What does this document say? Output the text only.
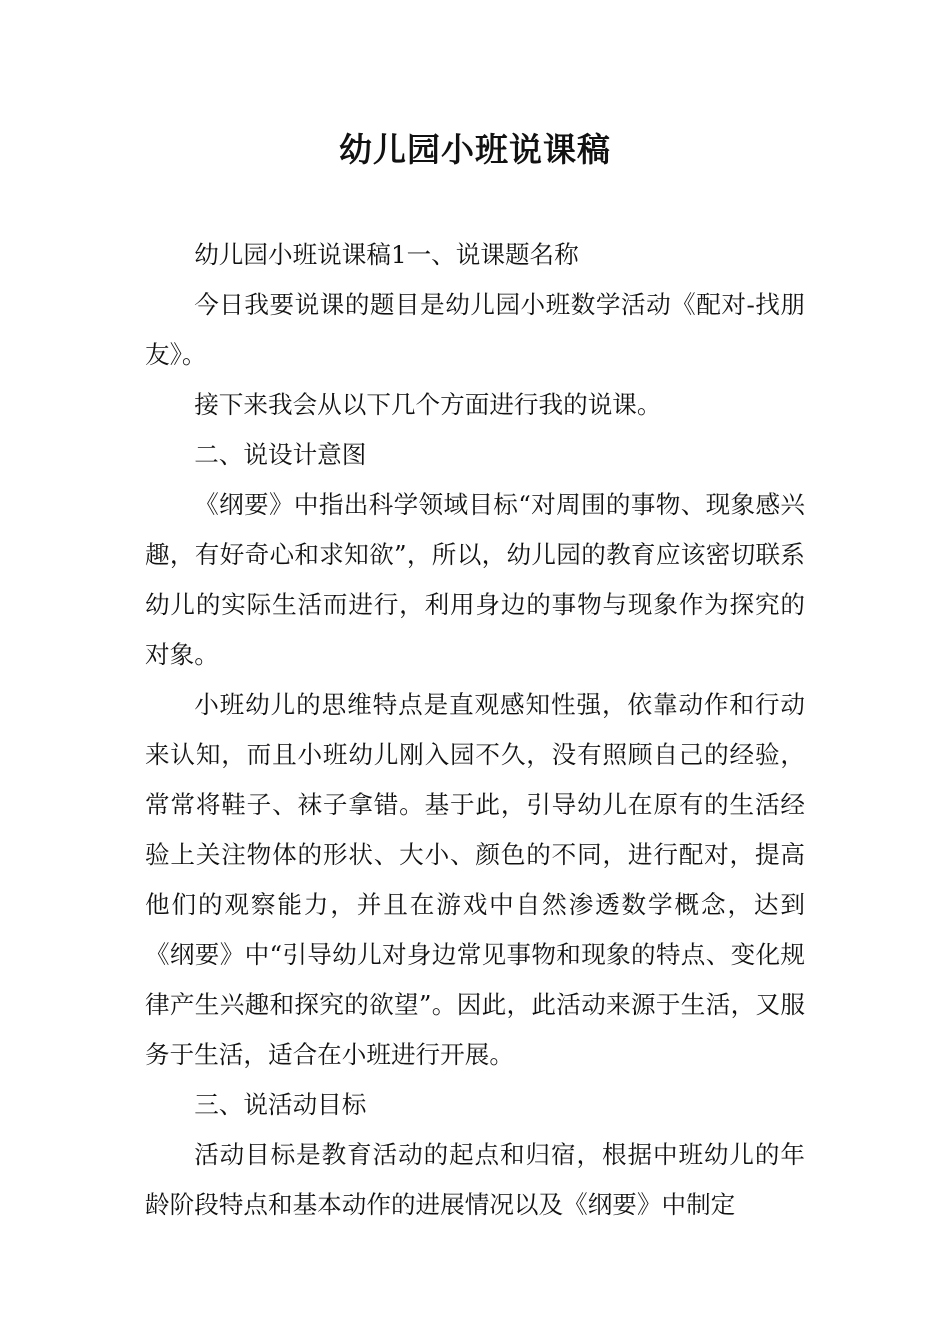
幼儿园小班说课稿

幼儿园小班说课稿1一、说课题名称

今日我要说课的题目是幼儿园小班数学活动《配对-找朋友》。

接下来我会从以下几个方面进行我的说课。

二、说设计意图

《纲要》中指出科学领域目标“对周围的事物、现象感兴趣，有好奇心和求知欲”，所以，幼儿园的教育应该密切联系幼儿的实际生活而进行，利用身边的事物与现象作为探究的对象。

小班幼儿的思维特点是直观感知性强，依靠动作和行动来认知，而且小班幼儿刚入园不久，没有照顾自己的经验，常常将鞋子、袜子拿错。基于此，引导幼儿在原有的生活经验上关注物体的形状、大小、颜色的不同，进行配对，提高他们的观察能力，并且在游戏中自然渗透数学概念，达到《纲要》中“引导幼儿对身边常见事物和现象的特点、变化规律产生兴趣和探究的欲望”。因此，此活动来源于生活，又服务于生活，适合在小班进行开展。

三、说活动目标

活动目标是教育活动的起点和归宿，根据中班幼儿的年龄阶段特点和基本动作的进展情况以及《纲要》中制定
